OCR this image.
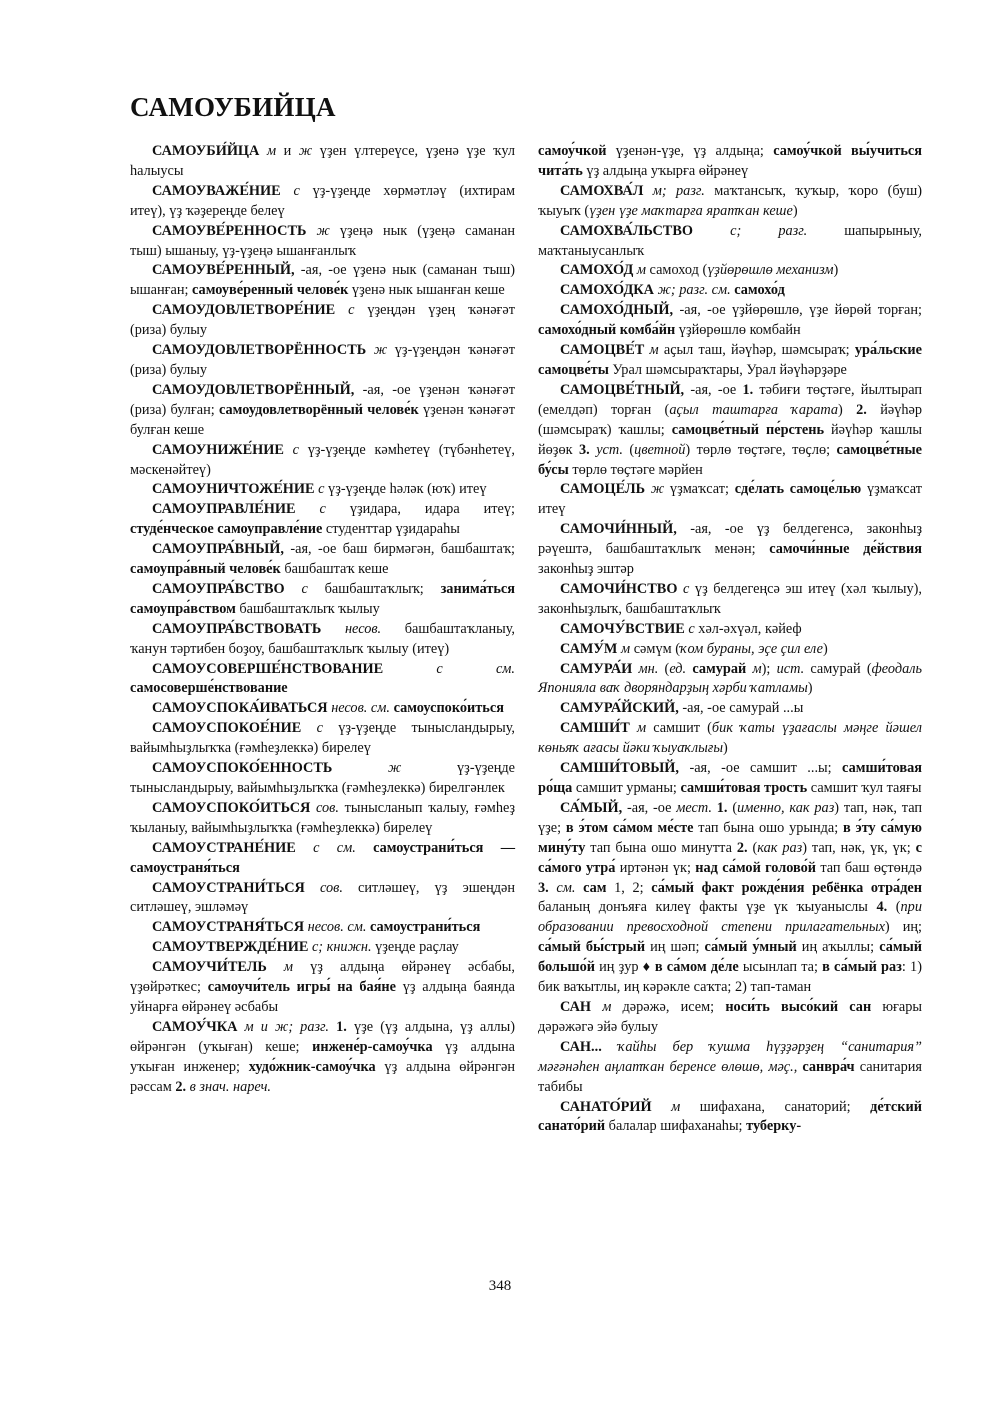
САМОУБИЙЦА

САМОУБИ́ЙЦА м и ж үҙен үлтереүсе, үҙенә үҙе ҡул һалыусы

САМОУВАЖЕ́НИЕ с үҙ-үҙеңде хөрмәтләү (ихтирам итеү), үҙ ҡәҙереңде белеү

САМОУВЕ́РЕННОСТЬ ж үҙеңә нык (үҙеңә саманан тыш) ышаныу, үҙ-үҙеңә ышанғанлыҡ

САМОУВЕ́РЕННЫЙ, -ая, -ое үҙенә нык (саманан тыш) ышанған; самоуве́ренный челове́к үҙенә нык ышанған кеше

САМОУДОВЛЕТВОРЕ́НИЕ с үҙеңдән үҙең ҡәнәғәт (риза) булыу

САМОУДОВЛЕТВОРЁННОСТЬ ж үҙ-үҙеңдән ҡәнәғәт (риза) булыу

САМОУДОВЛЕТВОРЁННЫЙ, -ая, -ое үҙенән ҡәнәғәт (риза) булған; самоудовлетворённый челове́к үҙенән ҡәнәғәт булған кеше

САМОУНИЖЕ́НИЕ с үҙ-үҙеңде кәмһетеү (түбәнһетеү, мәскенәйтеү)

САМОУНИЧТОЖЕ́НИЕ с үҙ-үҙеңде һәләк (юҡ) итеү

САМОУПРАВЛЕ́НИЕ с үҙидара, идара итеү; студе́нческое самоуправле́ние студенттар үҙидараһы

САМОУПРА́ВНЫЙ, -ая, -ое баш бирмәгән, башбаштаҡ; самоупра́вный челове́к башбаштаҡ кеше

САМОУПРА́ВСТВО с башбаштаҡлыҡ; занима́ться самоупра́вством башбаштаҡлыҡ ҡылыу

САМОУПРА́ВСТВОВАТЬ несов. башбаштаҡланыу, ҡанун тәртибен боҙоу, башбаштаҡлыҡ ҡылыу (итеү)

САМОУСОВЕРШЕ́НСТВОВАНИЕ	с см. самосоверше́нствование

САМОУСПОКА́ИВАТЬСЯ несов. см. самоуспоко́иться

САМОУСПОКОЕ́НИЕ с үҙ-үҙеңде тынысландырыу, вайымһыҙлыҡҡа (ғәмһеҙлеккә) бирелеү

САМОУСПОКО́ЕННОСТЬ	ж үҙ-үҙеңде тынысландырыу, вайымһыҙлыҡҡа (ғәмһеҙлеккә) бирелгәнлек

САМОУСПОКО́ИТЬСЯ сов. тынысланып ҡалыу, ғәмһеҙ ҡыланыу, вайымһыҙлыҡҡа (ғәмһеҙлеккә) бирелеү

САМОУСТРАНЕ́НИЕ с см. самоустрани́ться — самоустраня́ться

САМОУСТРАНИ́ТЬСЯ сов. ситләшеү, үҙ эшеңдән ситләшеү, эшләмәү

САМОУСТРАНЯ́ТЬСЯ несов. см. самоустрани́ться

САМОУТВЕРЖДЕ́НИЕ с; книжн. үҙеңде раҫлау

САМОУЧИ́ТЕЛЬ м үҙ алдыңа өйрәнеү әсбабы, үҙөйрәткес; самоучи́тель игры́ на бая́не үҙ алдыңа баянда уйнарға өйрәнеү әсбабы

САМОУ́ЧКА м и ж; разг. 1. үҙе (үҙ алдына, үҙ аллы) өйрәнгән (уҡыған) кеше; инжене́р-самоу́чка үҙ алдына уҡыған инженер; худо́жник-самоу́чка үҙ алдына өйрәнгән рәссам 2. в знач. нареч.

самоу́чкой үҙенән-үҙе, үҙ алдыңа; самоу́чкой вы́учиться чита́ть үҙ алдыңа уҡырға өйрәнеү

САМОХВА́Л м; разг. маҡтансыҡ, ҡуҡыр, ҡоро (буш) ҡыуыҡ (үҙен үҙе маҡтарға яратҡан кеше)

САМОХВА́ЛЬСТВО	с; разг. шапырыныу, маҡтаныусанлыҡ

САМОХО́Д м самоход (үҙйөрөшлө механизм)

САМОХО́ДКА ж; разг. см. самохо́д

САМОХО́ДНЫЙ, -ая, -ое үҙйөрөшлө, үҙе йөрөй торған; самохо́дный комба́йн үҙйөрөшлө комбайн

САМОЦВЕ́Т м аҫыл таш, йәүһәр, шәмсыраҡ; ура́льские самоцве́ты Урал шәмсыраҡтары, Урал йәүһәрҙәре

САМОЦВЕ́ТНЫЙ, -ая, -ое 1. тәбиғи төҫтәге, йылтырап (емелдәп) торған (аҫыл таштарға ҡарата) 2. йәүһәр (шәмсыраҡ) ҡашлы; самоцве́тный пе́рстень йәүһәр ҡашлы йөҙөк 3. уст. (цветной) төрлө төҫтәге, төҫлө; самоцве́тные бу́сы төрлө төҫтәге мәрйен

САМОЦЕ́ЛЬ ж үҙмаҡсат; сде́лать самоце́лью үҙмаҡсат итеү

САМОЧИ́ННЫЙ, -ая, -ое үҙ белдегенсә, законһыҙ рәүештә, башбаштаҡлыҡ менән; самочи́нные де́йствия законһыҙ эштәр

САМОЧИ́НСТВО с үҙ белдегеңсә эш итеү (хәл ҡылыу), законһыҙлыҡ, башбаштаҡлыҡ

САМОЧУ́ВСТВИЕ с хәл-әхүәл, кәйеф

САМУ́М м сәмүм (ҡом бураны, эҫе ҫил еле)

САМУРА́И мн. (ед. самурай м); ист. самурай (феодаль Японияла ваҡ дворяндарҙың хәрби ҡатламы)

САМУРА́ЙСКИЙ, -ая, -ое самурай ...ы

САМШИ́Т м самшит (бик ҡаты үҙағаслы мәңге йәшел көньяҡ ағасы йәки ҡыуаҡлығы)

САМШИ́ТОВЫЙ, -ая, -ое самшит ...ы; самши́товая ро́ща самшит урманы; самши́товая трость самшит ҡул таяғы

СА́МЫЙ, -ая, -ое мест. 1. (именно, как раз) тап, нәк, тап үҙе; в э́том са́мом ме́сте тап бына ошо урында; в э́ту са́мую мину́ту тап бына ошо минутта 2. (как раз) тап, нәк, үк, үк; с са́мого утра́ иртәнән үк; над са́мой голово́й тап баш өҫтөндә 3. см. сам 1, 2; са́мый факт рожде́ния ребёнка отра́ден баланың донъяға килеү факты үҙе үк ҡыуаныслы 4. (при образовании превосходной степени прилагательных) иң; са́мый бы́стрый иң шәп; са́мый у́мный иң аҡыллы; са́мый большо́й иң ҙур ♦ в са́мом де́ле ысынлап та; в са́мый раз: 1) бик ваҡытлы, иң кәрәкле саҡта; 2) тап-таман

САН м дәрәжә, исем; носи́ть высо́кий сан юғары дәрәжәгә эйә булыу

САН... ҡайһы бер ҡушма һүҙҙәрҙең “санитария” мәғәнәһен аңлатҡан беренсе өлөшө, мәҫ., санвра́ч санитария табибы

САНАТО́РИЙ м шифахана, санаторий; де́тский санато́рий балалар шифаханаһы; туберку-

348
